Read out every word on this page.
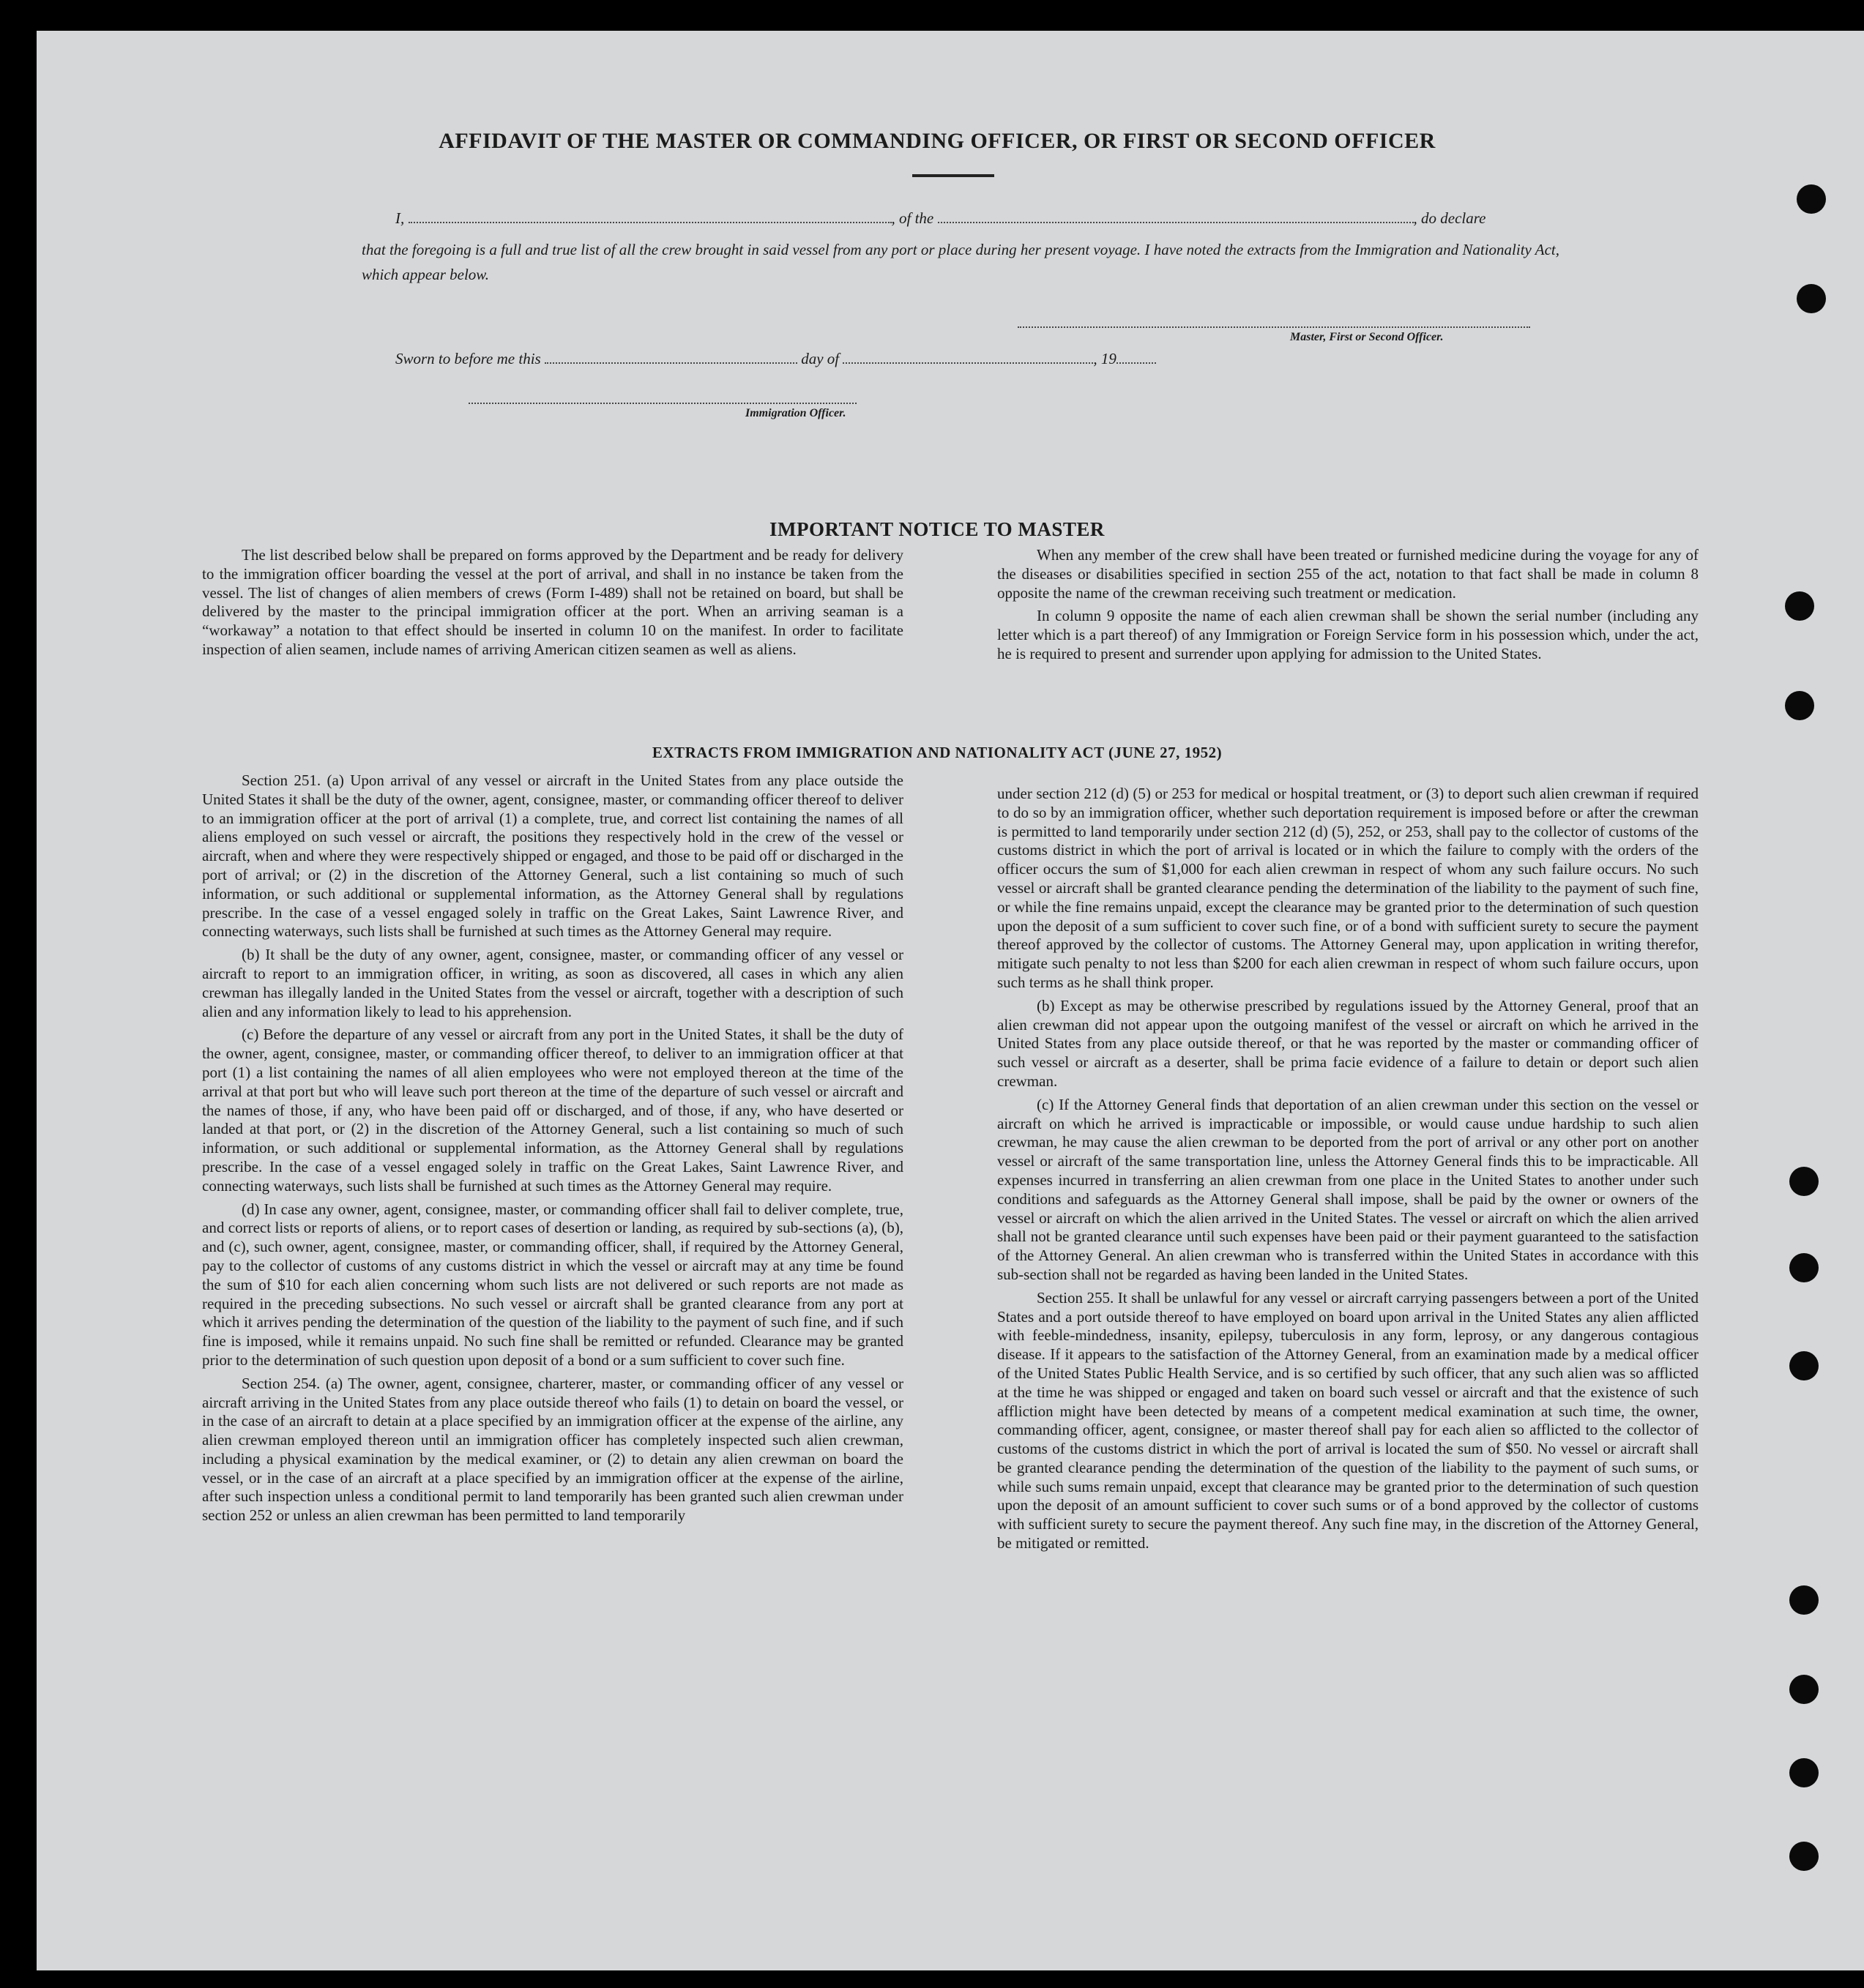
AFFIDAVIT OF THE MASTER OR COMMANDING OFFICER, OR FIRST OR SECOND OFFICER
I,	, of the	, do declare
that the foregoing is a full and true list of all the crew brought in said vessel from any port or place during her present voyage. I have noted the extracts from the Immigration and Nationality Act, which appear below.
Master, First or Second Officer.
Sworn to before me this	day of	, 19
Immigration Officer.
IMPORTANT NOTICE TO MASTER

The list described below shall be prepared on forms approved by the Department and be ready for delivery to the immigration officer boarding the vessel at the port of arrival, and shall in no instance be taken from the vessel. The list of changes of alien members of crews (Form I-489) shall not be retained on board, but shall be delivered by the master to the principal immigration officer at the port. When an arriving seaman is a “workaway” a notation to that effect should be inserted in column 10 on the manifest. In order to facilitate inspection of alien seamen, include names of arriving American citizen seamen as well as aliens.

When any member of the crew shall have been treated or furnished medicine during the voyage for any of the diseases or disabilities specified in section 255 of the act, notation to that fact shall be made in column 8 opposite the name of the crewman receiving such treatment or medication.

In column 9 opposite the name of each alien crewman shall be shown the serial number (including any letter which is a part thereof) of any Immigration or Foreign Service form in his possession which, under the act, he is required to present and surrender upon applying for admission to the United States.

EXTRACTS FROM IMMIGRATION AND NATIONALITY ACT (JUNE 27, 1952)

Section 251. (a) Upon arrival of any vessel or aircraft in the United States from any place outside the United States it shall be the duty of the owner, agent, consignee, master, or commanding officer thereof to deliver to an immigration officer at the port of arrival (1) a complete, true, and correct list containing the names of all aliens employed on such vessel or aircraft, the positions they respectively hold in the crew of the vessel or aircraft, when and where they were respectively shipped or engaged, and those to be paid off or discharged in the port of arrival; or (2) in the discretion of the Attorney General, such a list containing so much of such information, or such additional or supplemental information, as the Attorney General shall by regulations prescribe. In the case of a vessel engaged solely in traffic on the Great Lakes, Saint Lawrence River, and connecting waterways, such lists shall be furnished at such times as the Attorney General may require.

(b) It shall be the duty of any owner, agent, consignee, master, or commanding officer of any vessel or aircraft to report to an immigration officer, in writing, as soon as discovered, all cases in which any alien crewman has illegally landed in the United States from the vessel or aircraft, together with a description of such alien and any information likely to lead to his apprehension.

(c) Before the departure of any vessel or aircraft from any port in the United States, it shall be the duty of the owner, agent, consignee, master, or commanding officer thereof, to deliver to an immigration officer at that port (1) a list containing the names of all alien employees who were not employed thereon at the time of the arrival at that port but who will leave such port thereon at the time of the departure of such vessel or aircraft and the names of those, if any, who have been paid off or discharged, and of those, if any, who have deserted or landed at that port, or (2) in the discretion of the Attorney General, such a list containing so much of such information, or such additional or supplemental information, as the Attorney General shall by regulations prescribe. In the case of a vessel engaged solely in traffic on the Great Lakes, Saint Lawrence River, and connecting waterways, such lists shall be furnished at such times as the Attorney General may require.

(d) In case any owner, agent, consignee, master, or commanding officer shall fail to deliver complete, true, and correct lists or reports of aliens, or to report cases of desertion or landing, as required by sub-sections (a), (b), and (c), such owner, agent, consignee, master, or commanding officer, shall, if required by the Attorney General, pay to the collector of customs of any customs district in which the vessel or aircraft may at any time be found the sum of $10 for each alien concerning whom such lists are not delivered or such reports are not made as required in the preceding subsections. No such vessel or aircraft shall be granted clearance from any port at which it arrives pending the determination of the question of the liability to the payment of such fine, and if such fine is imposed, while it remains unpaid. No such fine shall be remitted or refunded. Clearance may be granted prior to the determination of such question upon deposit of a bond or a sum sufficient to cover such fine.

Section 254. (a) The owner, agent, consignee, charterer, master, or commanding officer of any vessel or aircraft arriving in the United States from any place outside thereof who fails (1) to detain on board the vessel, or in the case of an aircraft to detain at a place specified by an immigration officer at the expense of the airline, any alien crewman employed thereon until an immigration officer has completely inspected such alien crewman, including a physical examination by the medical examiner, or (2) to detain any alien crewman on board the vessel, or in the case of an aircraft at a place specified by an immigration officer at the expense of the airline, after such inspection unless a conditional permit to land temporarily has been granted such alien crewman under section 252 or unless an alien crewman has been permitted to land temporarily

under section 212 (d) (5) or 253 for medical or hospital treatment, or (3) to deport such alien crewman if required to do so by an immigration officer, whether such deportation requirement is imposed before or after the crewman is permitted to land temporarily under section 212 (d) (5), 252, or 253, shall pay to the collector of customs of the customs district in which the port of arrival is located or in which the failure to comply with the orders of the officer occurs the sum of $1,000 for each alien crewman in respect of whom any such failure occurs. No such vessel or aircraft shall be granted clearance pending the determination of the liability to the payment of such fine, or while the fine remains unpaid, except the clearance may be granted prior to the determination of such question upon the deposit of a sum sufficient to cover such fine, or of a bond with sufficient surety to secure the payment thereof approved by the collector of customs. The Attorney General may, upon application in writing therefor, mitigate such penalty to not less than $200 for each alien crewman in respect of whom such failure occurs, upon such terms as he shall think proper.

(b) Except as may be otherwise prescribed by regulations issued by the Attorney General, proof that an alien crewman did not appear upon the outgoing manifest of the vessel or aircraft on which he arrived in the United States from any place outside thereof, or that he was reported by the master or commanding officer of such vessel or aircraft as a deserter, shall be prima facie evidence of a failure to detain or deport such alien crewman.

(c) If the Attorney General finds that deportation of an alien crewman under this section on the vessel or aircraft on which he arrived is impracticable or impossible, or would cause undue hardship to such alien crewman, he may cause the alien crewman to be deported from the port of arrival or any other port on another vessel or aircraft of the same transportation line, unless the Attorney General finds this to be impracticable. All expenses incurred in transferring an alien crewman from one place in the United States to another under such conditions and safeguards as the Attorney General shall impose, shall be paid by the owner or owners of the vessel or aircraft on which the alien arrived in the United States. The vessel or aircraft on which the alien arrived shall not be granted clearance until such expenses have been paid or their payment guaranteed to the satisfaction of the Attorney General. An alien crewman who is transferred within the United States in accordance with this sub-section shall not be regarded as having been landed in the United States.

Section 255. It shall be unlawful for any vessel or aircraft carrying passengers between a port of the United States and a port outside thereof to have employed on board upon arrival in the United States any alien afflicted with feeble-mindedness, insanity, epilepsy, tuberculosis in any form, leprosy, or any dangerous contagious disease. If it appears to the satisfaction of the Attorney General, from an examination made by a medical officer of the United States Public Health Service, and is so certified by such officer, that any such alien was so afflicted at the time he was shipped or engaged and taken on board such vessel or aircraft and that the existence of such affliction might have been detected by means of a competent medical examination at such time, the owner, commanding officer, agent, consignee, or master thereof shall pay for each alien so afflicted to the collector of customs of the customs district in which the port of arrival is located the sum of $50. No vessel or aircraft shall be granted clearance pending the determination of the question of the liability to the payment of such sums, or while such sums remain unpaid, except that clearance may be granted prior to the determination of such question upon the deposit of an amount sufficient to cover such sums or of a bond approved by the collector of customs with sufficient surety to secure the payment thereof. Any such fine may, in the discretion of the Attorney General, be mitigated or remitted.
